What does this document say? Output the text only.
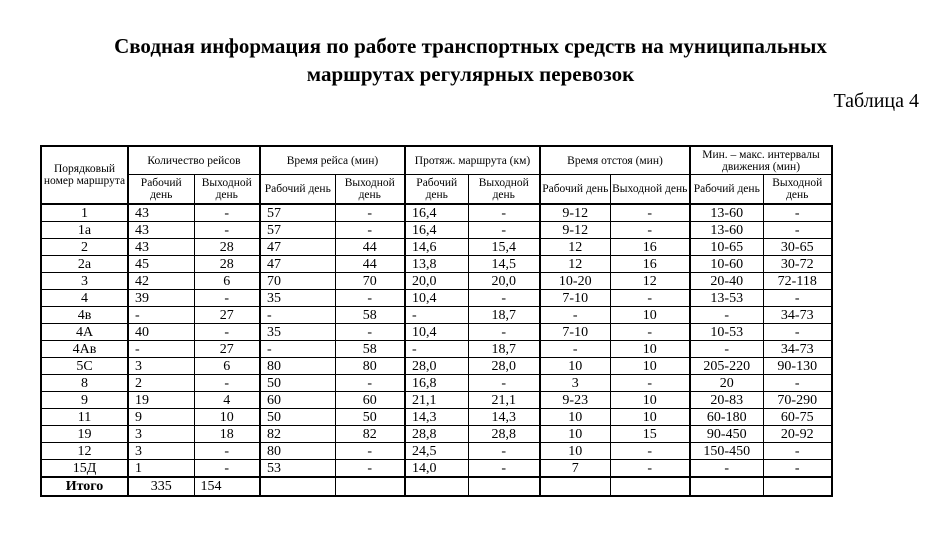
Сводная информация по работе транспортных средств на муниципальных
маршрутах регулярных перевозок
Таблица 4
Порядковый номер маршрута	Количество рейсов		Время рейса (мин)		Протяж. маршрута (км)		Время отстоя (мин)		Мин. – макс. интервалы движения (мин)	
	Рабочий день	Выходной день	Рабочий день	Выходной день	Рабочий день	Выходной день	Рабочий день	Выходной день	Рабочий день	Выходной день
1	43	-	57	-	16,4	-	9-12	-	13-60	-
1а	43	-	57	-	16,4	-	9-12	-	13-60	-
2	43	28	47	44	14,6	15,4	12	16	10-65	30-65
2а	45	28	47	44	13,8	14,5	12	16	10-60	30-72
3	42	6	70	70	20,0	20,0	10-20	12	20-40	72-118
4	39	-	35	-	10,4	-	7-10	-	13-53	-
4в	-	27	-	58	-	18,7	-	10	-	34-73
4А	40	-	35	-	10,4	-	7-10	-	10-53	-
4Ав	-	27	-	58	-	18,7	-	10	-	34-73
5С	3	6	80	80	28,0	28,0	10	10	205-220	90-130
8	2	-	50	-	16,8	-	3	-	20	-
9	19	4	60	60	21,1	21,1	9-23	10	20-83	70-290
11	9	10	50	50	14,3	14,3	10	10	60-180	60-75
19	3	18	82	82	28,8	28,8	10	15	90-450	20-92
12	3	-	80	-	24,5	-	10	-	150-450	-
15Д	1	-	53	-	14,0	-	7	-	-	-
Итого	335	154								
